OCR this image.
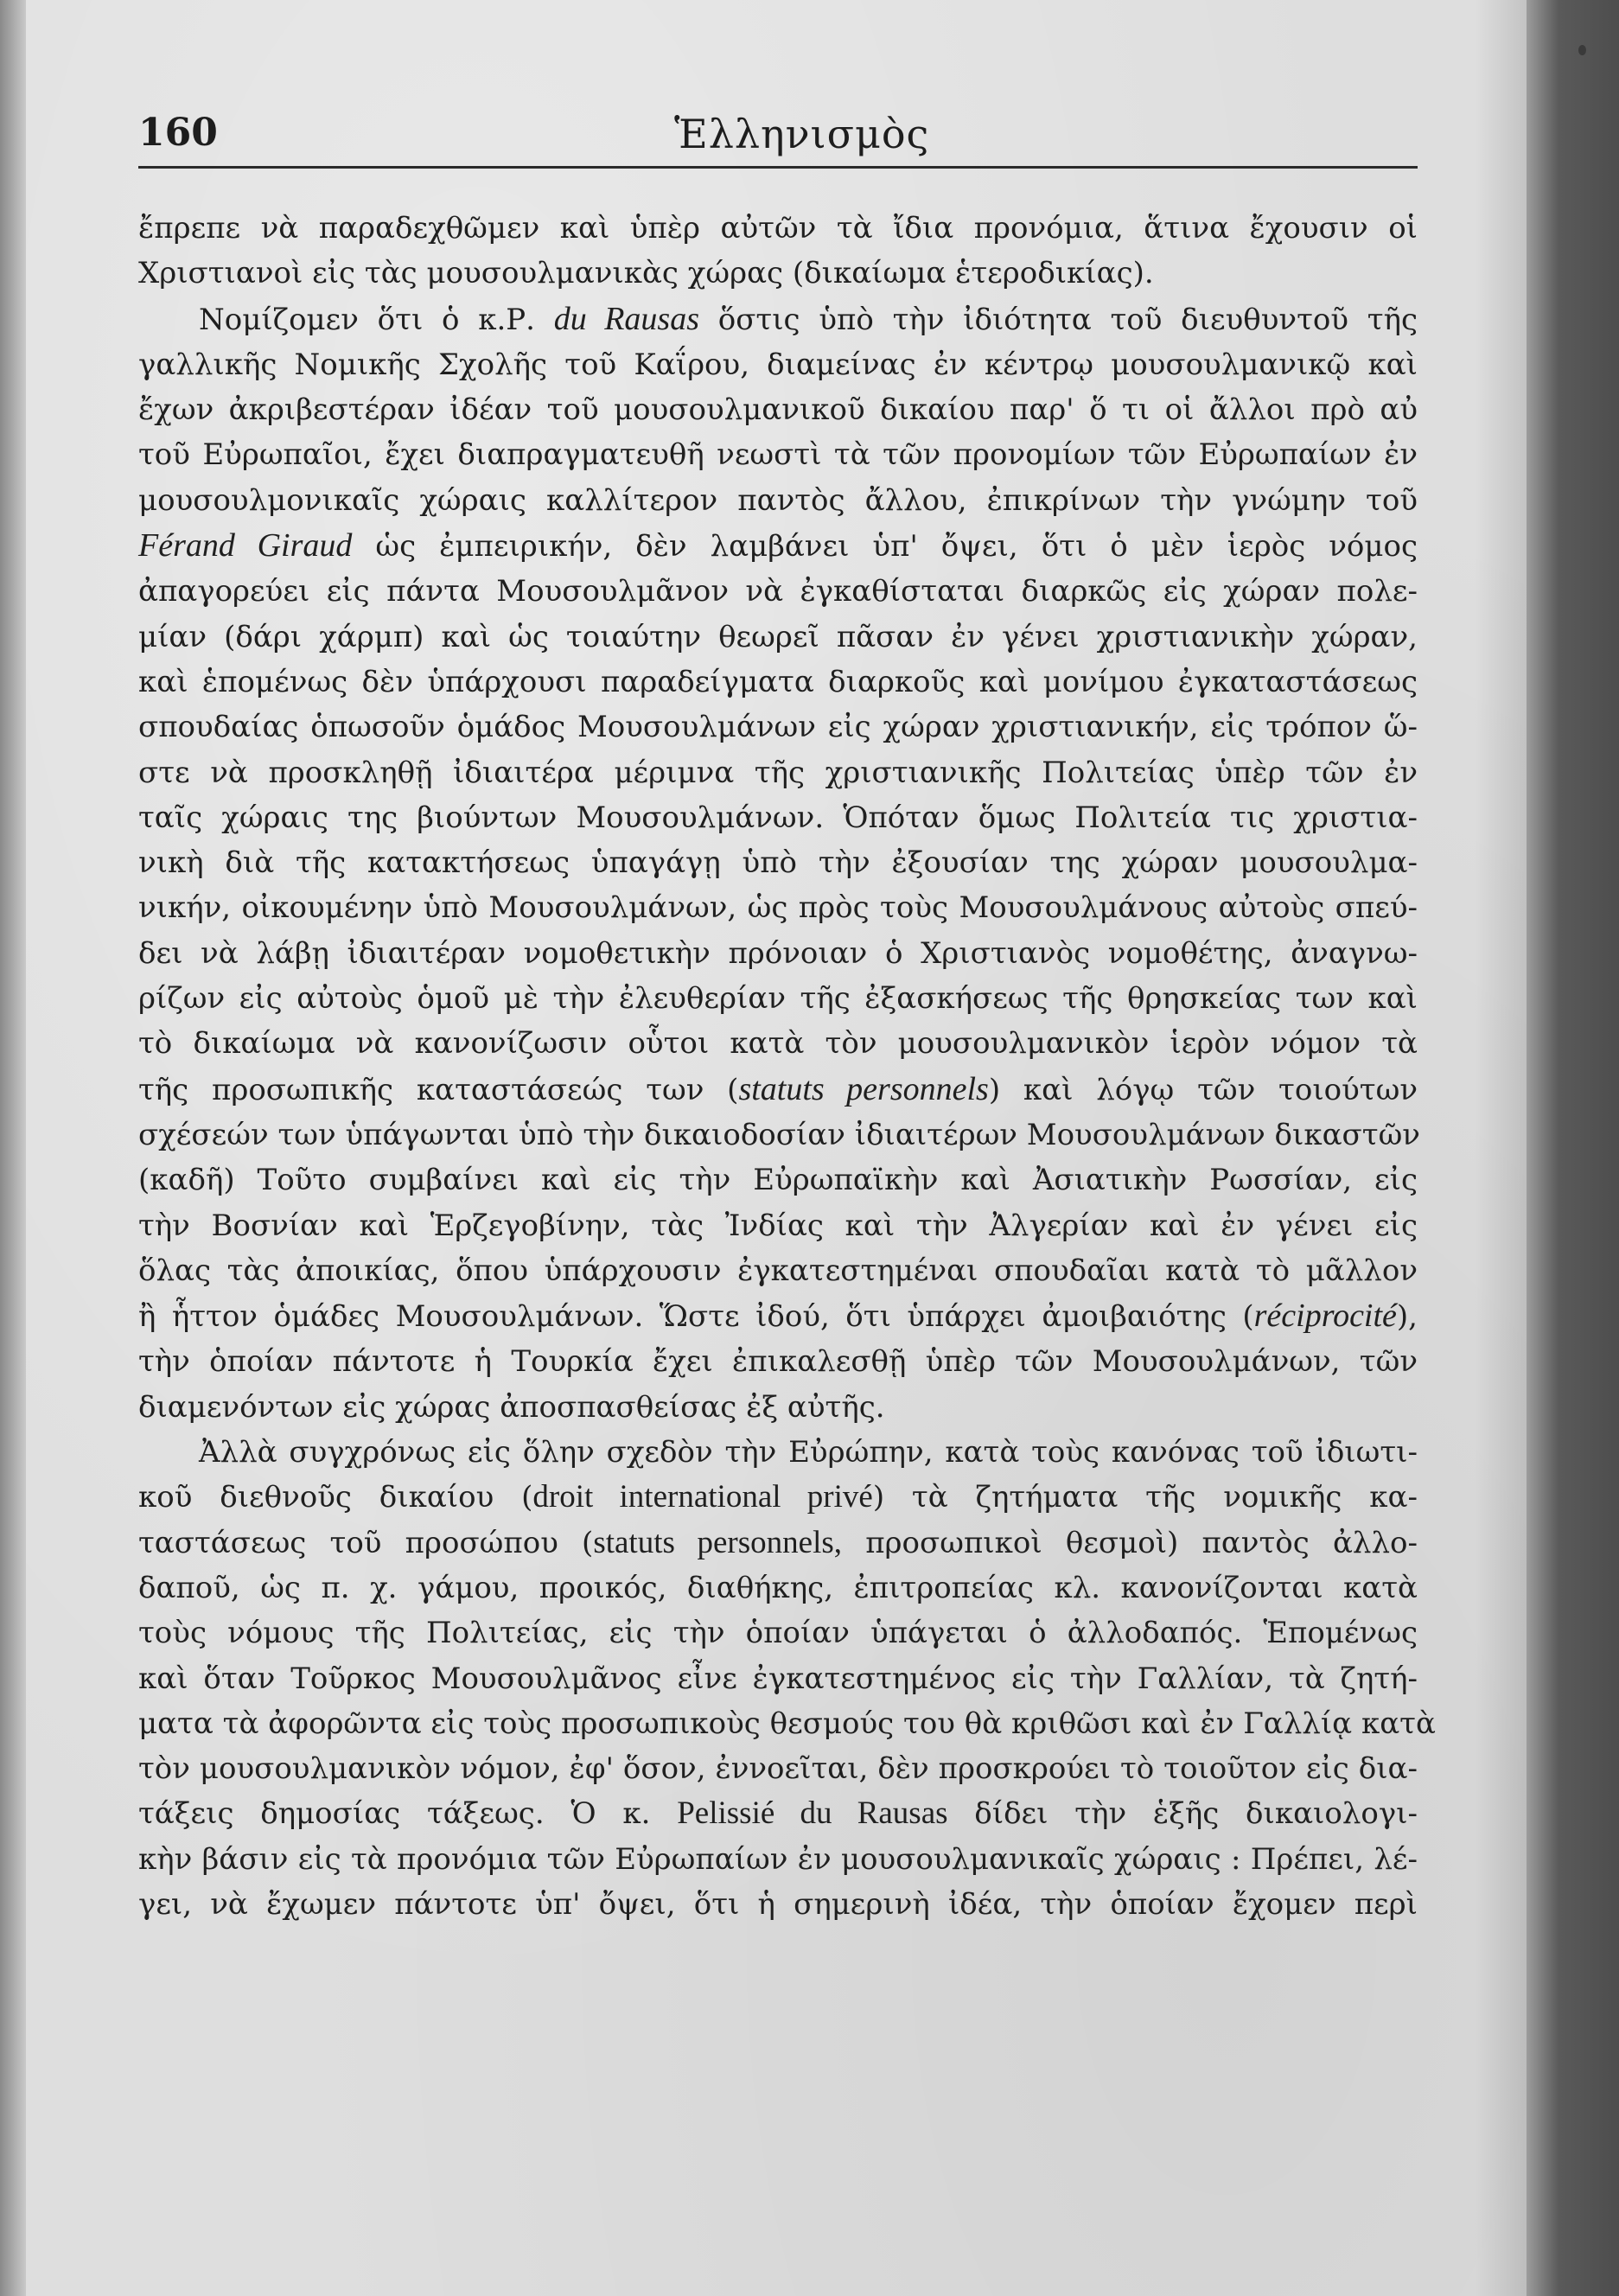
160	Ἑλληνισμὸς
ἔπρεπε νὰ παραδεχθῶμεν καὶ ὑπὲρ αὐτῶν τὰ ἴδια προνόμια, ἅτινα ἔχουσιν οἱ
Χριστιανοὶ εἰς τὰς μουσουλμανικὰς χώρας (δικαίωμα ἑτεροδικίας).
Νομίζομεν ὅτι ὁ κ.Ρ. du Rausas ὅστις ὑπὸ τὴν ἰδιότητα τοῦ διευθυντοῦ τῆς
γαλλικῆς Νομικῆς Σχολῆς τοῦ Καΐρου, διαμείνας ἐν κέντρῳ μουσουλμανικῷ καὶ
ἔχων ἀκριβεστέραν ἰδέαν τοῦ μουσουλμανικοῦ δικαίου παρ' ὅ τι οἱ ἄλλοι πρὸ αὐ
τοῦ Εὐρωπαῖοι, ἔχει διαπραγματευθῆ νεωστὶ τὰ τῶν προνομίων τῶν Εὐρωπαίων ἐν
μουσουλμονικαῖς χώραις καλλίτερον παντὸς ἄλλου, ἐπικρίνων τὴν γνώμην τοῦ
Férand Giraud ὡς ἐμπειρικήν, δὲν λαμβάνει ὑπ' ὄψει, ὅτι ὁ μὲν ἱερὸς νόμος
ἀπαγορεύει εἰς πάντα Μουσουλμᾶνον νὰ ἐγκαθίσταται διαρκῶς εἰς χώραν πολε-
μίαν (δάρι χάρμπ) καὶ ὡς τοιαύτην θεωρεῖ πᾶσαν ἐν γένει χριστιανικὴν χώραν,
καὶ ἑπομένως δὲν ὑπάρχουσι παραδείγματα διαρκοῦς καὶ μονίμου ἐγκαταστάσεως
σπουδαίας ὁπωσοῦν ὁμάδος Μουσουλμάνων εἰς χώραν χριστιανικήν, εἰς τρόπον ὥ-
στε νὰ προσκληθῇ ἰδιαιτέρα μέριμνα τῆς χριστιανικῆς Πολιτείας ὑπὲρ τῶν ἐν
ταῖς χώραις της βιούντων Μουσουλμάνων. Ὁπόταν ὅμως Πολιτεία τις χριστια-
νικὴ διὰ τῆς κατακτήσεως ὑπαγάγῃ ὑπὸ τὴν ἐξουσίαν της χώραν μουσουλμα-
νικήν, οἰκουμένην ὑπὸ Μουσουλμάνων, ὡς πρὸς τοὺς Μουσουλμάνους αὐτοὺς σπεύ-
δει νὰ λάβῃ ἰδιαιτέραν νομοθετικὴν πρόνοιαν ὁ Χριστιανὸς νομοθέτης, ἀναγνω-
ρίζων εἰς αὐτοὺς ὁμοῦ μὲ τὴν ἐλευθερίαν τῆς ἐξασκήσεως τῆς θρησκείας των καὶ
τὸ δικαίωμα νὰ κανονίζωσιν οὗτοι κατὰ τὸν μουσουλμανικὸν ἱερὸν νόμον τὰ
τῆς προσωπικῆς καταστάσεώς των (statuts personnels) καὶ λόγῳ τῶν τοιούτων
σχέσεών των ὑπάγωνται ὑπὸ τὴν δικαιοδοσίαν ἰδιαιτέρων Μουσουλμάνων δικαστῶν
(καδῆ) Τοῦτο συμβαίνει καὶ εἰς τὴν Εὐρωπαϊκὴν καὶ Ἀσιατικὴν Ρωσσίαν, εἰς
τὴν Βοσνίαν καὶ Ἑρζεγοβίνην, τὰς Ἰνδίας καὶ τὴν Ἀλγερίαν καὶ ἐν γένει εἰς
ὅλας τὰς ἀποικίας, ὅπου ὑπάρχουσιν ἐγκατεστημέναι σπουδαῖαι κατὰ τὸ μᾶλλον
ἢ ἧττον ὁμάδες Μουσουλμάνων. Ὥστε ἰδού, ὅτι ὑπάρχει ἀμοιβαιότης (réciprocité),
τὴν ὁποίαν πάντοτε ἡ Τουρκία ἔχει ἐπικαλεσθῇ ὑπὲρ τῶν Μουσουλμάνων, τῶν
διαμενόντων εἰς χώρας ἀποσπασθείσας ἐξ αὐτῆς.
Ἀλλὰ συγχρόνως εἰς ὅλην σχεδὸν τὴν Εὐρώπην, κατὰ τοὺς κανόνας τοῦ ἰδιωτι-
κοῦ διεθνοῦς δικαίου (droit international privé) τὰ ζητήματα τῆς νομικῆς κα-
ταστάσεως τοῦ προσώπου (statuts personnels, προσωπικοὶ θεσμοὶ) παντὸς ἀλλο-
δαποῦ, ὡς π. χ. γάμου, προικός, διαθήκης, ἐπιτροπείας κλ. κανονίζονται κατὰ
τοὺς νόμους τῆς Πολιτείας, εἰς τὴν ὁποίαν ὑπάγεται ὁ ἀλλοδαπός. Ἑπομένως
καὶ ὅταν Τοῦρκος Μουσουλμᾶνος εἶνε ἐγκατεστημένος εἰς τὴν Γαλλίαν, τὰ ζητή-
ματα τὰ ἀφορῶντα εἰς τοὺς προσωπικοὺς θεσμούς του θὰ κριθῶσι καὶ ἐν Γαλλίᾳ κατὰ
τὸν μουσουλμανικὸν νόμον, ἐφ' ὅσον, ἐννοεῖται, δὲν προσκρούει τὸ τοιοῦτον εἰς δια-
τάξεις δημοσίας τάξεως. Ὁ κ. Pelissié du Rausas δίδει τὴν ἑξῆς δικαιολογι-
κὴν βάσιν εἰς τὰ προνόμια τῶν Εὐρωπαίων ἐν μουσουλμανικαῖς χώραις : Πρέπει, λέ-
γει, νὰ ἔχωμεν πάντοτε ὑπ' ὄψει, ὅτι ἡ σημερινὴ ἰδέα, τὴν ὁποίαν ἔχομεν περὶ
